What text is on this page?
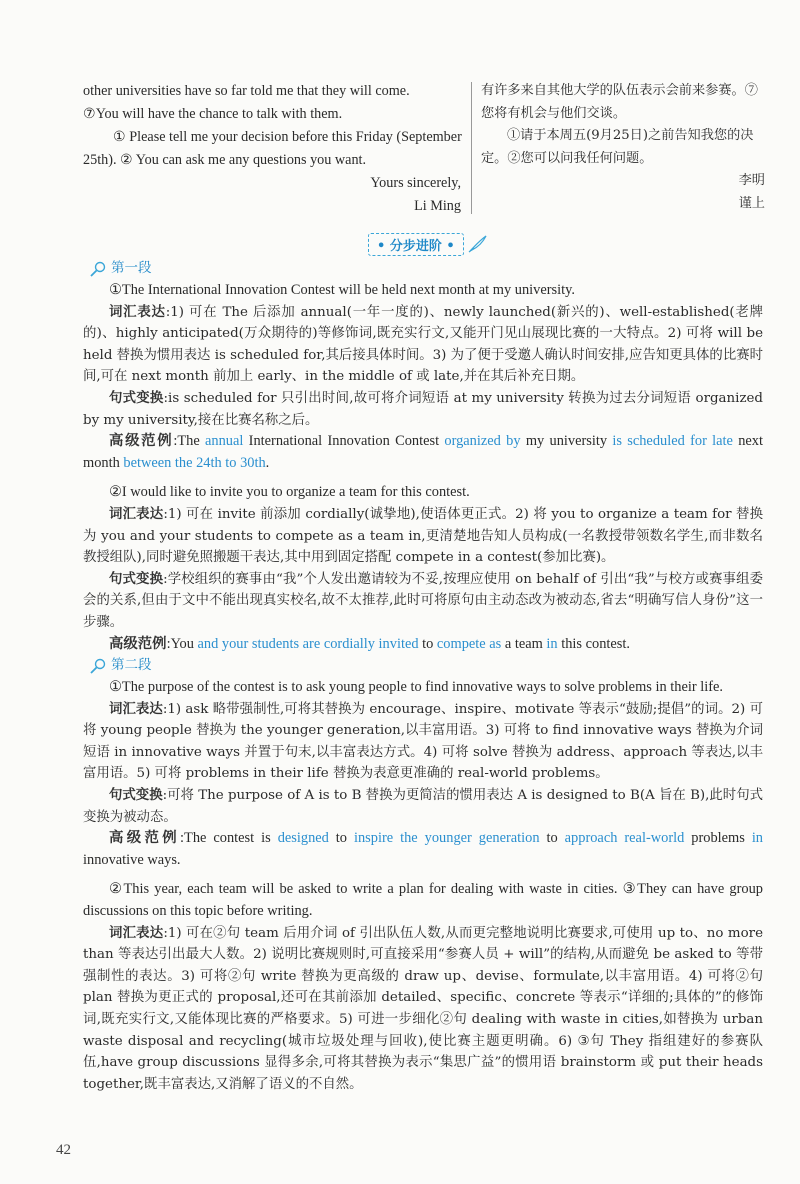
other universities have so far told me that they will come.

⑦You will have the chance to talk with them.

① Please tell me your decision before this Friday (September 25th). ② You can ask me any questions you want.

Yours sincerely,

Li Ming

有许多来自其他大学的队伍表示会前来参赛。⑦您将有机会与他们交谈。

①请于本周五(9月25日)之前告知我您的决定。②您可以问我任何问题。

李明

谨上

• 分步进阶 •
第一段

①The International Innovation Contest will be held next month at my university.

词汇表达:1) 可在 The 后添加 annual(一年一度的)、newly launched(新兴的)、well-established(老牌的)、highly anticipated(万众期待的)等修饰词,既充实行文,又能开门见山展现比赛的一大特点。2) 可将 will be held 替换为惯用表达 is scheduled for,其后接具体时间。3) 为了便于受邀人确认时间安排,应告知更具体的比赛时间,可在 next month 前加上 early、in the middle of 或 late,并在其后补充日期。

句式变换:is scheduled for 只引出时间,故可将介词短语 at my university 转换为过去分词短语 organized by my university,接在比赛名称之后。

高级范例:The annual International Innovation Contest organized by my university is scheduled for late next month between the 24th to 30th.

②I would like to invite you to organize a team for this contest.

词汇表达:1) 可在 invite 前添加 cordially(诚挚地),使语体更正式。2) 将 you to organize a team for 替换为 you and your students to compete as a team in,更清楚地告知人员构成(一名教授带领数名学生,而非数名教授组队),同时避免照搬题干表达,其中用到固定搭配 compete in a contest(参加比赛)。

句式变换:学校组织的赛事由“我”个人发出邀请较为不妥,按理应使用 on behalf of 引出“我”与校方或赛事组委会的关系,但由于文中不能出现真实校名,故不太推荐,此时可将原句由主动态改为被动态,省去“明确写信人身份”这一步骤。

高级范例:You and your students are cordially invited to compete as a team in this contest.

第二段

①The purpose of the contest is to ask young people to find innovative ways to solve problems in their life.

词汇表达:1) ask 略带强制性,可将其替换为 encourage、inspire、motivate 等表示“鼓励;提倡”的词。2) 可将 young people 替换为 the younger generation,以丰富用语。3) 可将 to find innovative ways 替换为介词短语 in innovative ways 并置于句末,以丰富表达方式。4) 可将 solve 替换为 address、approach 等表达,以丰富用语。5) 可将 problems in their life 替换为表意更准确的 real-world problems。

句式变换:可将 The purpose of A is to B 替换为更简洁的惯用表达 A is designed to B(A 旨在 B),此时句式变换为被动态。

高级范例:The contest is designed to inspire the younger generation to approach real-world problems in innovative ways.

②This year, each team will be asked to write a plan for dealing with waste in cities. ③They can have group discussions on this topic before writing.

词汇表达:1) 可在②句 team 后用介词 of 引出队伍人数,从而更完整地说明比赛要求,可使用 up to、no more than 等表达引出最大人数。2) 说明比赛规则时,可直接采用“参赛人员 + will”的结构,从而避免 be asked to 等带强制性的表达。3) 可将②句 write 替换为更高级的 draw up、devise、formulate,以丰富用语。4) 可将②句 plan 替换为更正式的 proposal,还可在其前添加 detailed、specific、concrete 等表示“详细的;具体的”的修饰词,既充实行文,又能体现比赛的严格要求。5) 可进一步细化②句 dealing with waste in cities,如替换为 urban waste disposal and recycling(城市垃圾处理与回收),使比赛主题更明确。6) ③句 They 指组建好的参赛队伍,have group discussions 显得多余,可将其替换为表示“集思广益”的惯用语 brainstorm 或 put their heads together,既丰富表达,又消解了语义的不自然。

42
